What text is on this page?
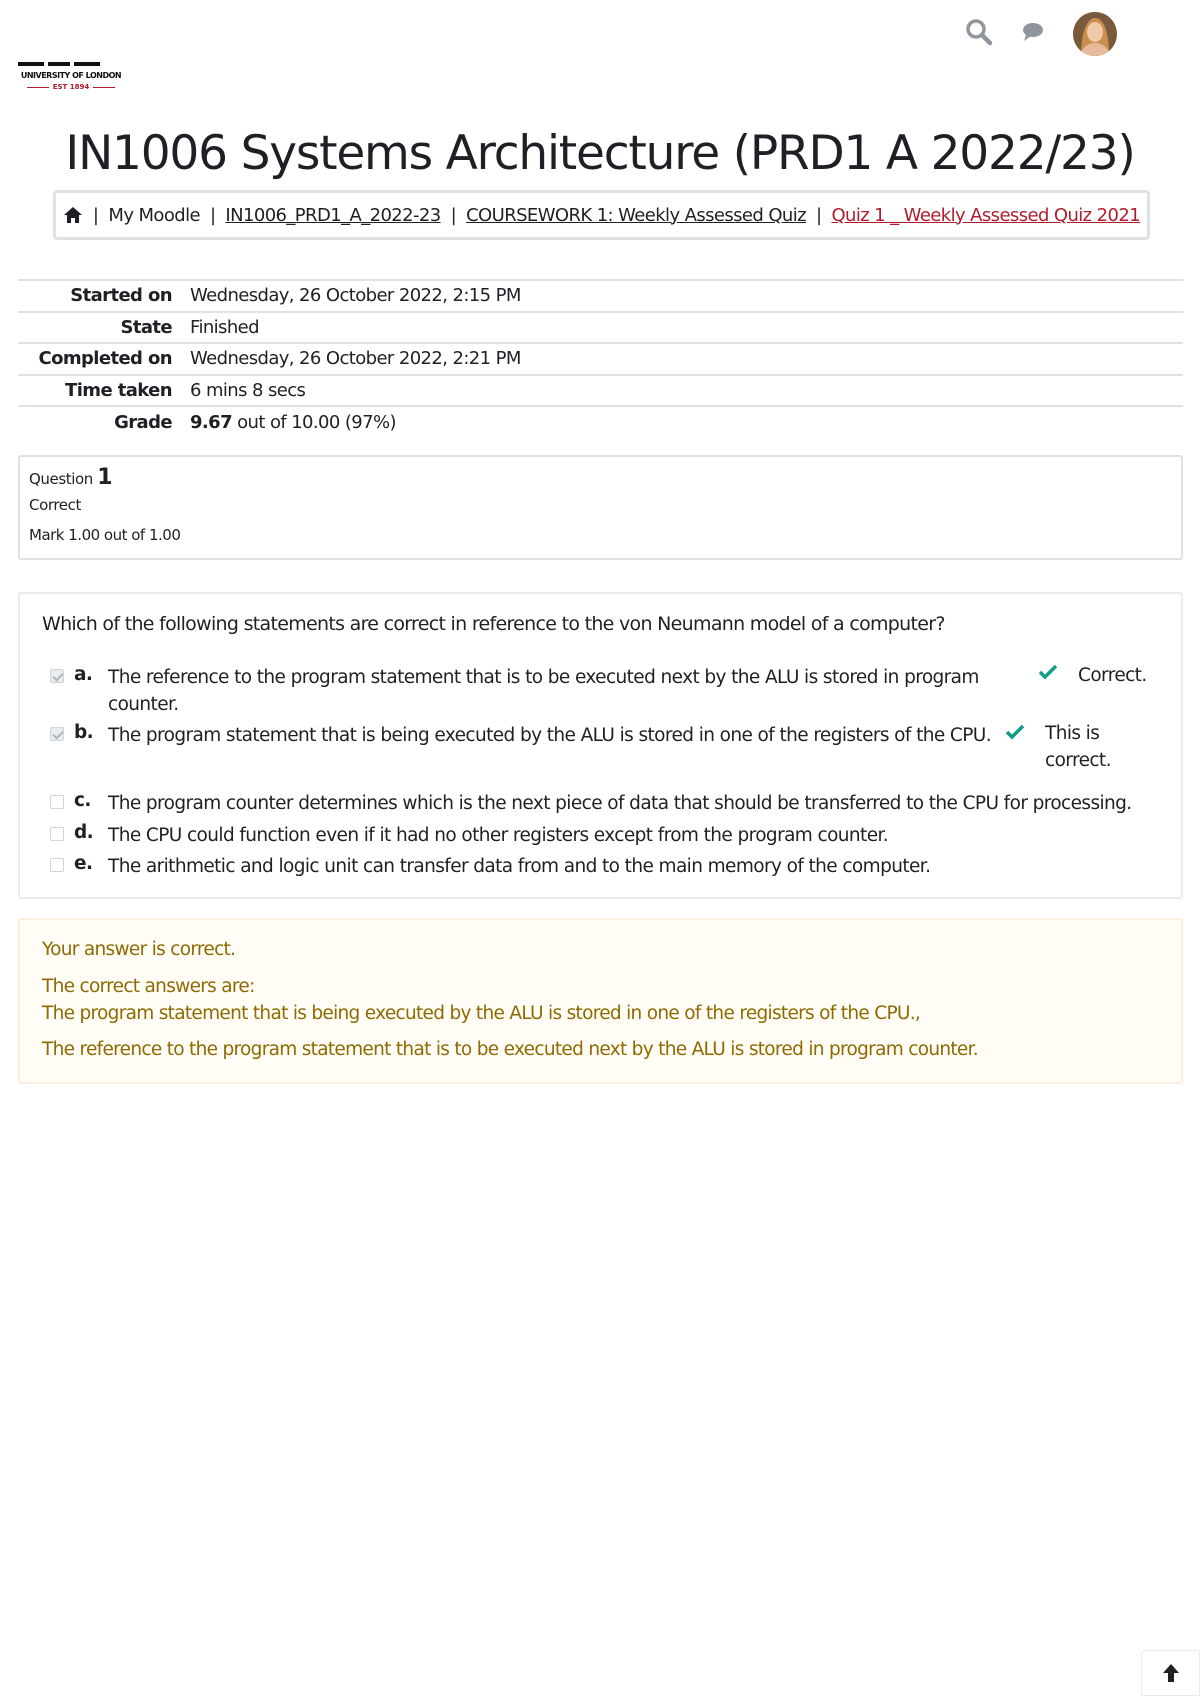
UNIVERSITY OF LONDON
EST 1894
IN1006 Systems Architecture (PRD1 A 2022/23)
| My Moodle | IN1006_PRD1_A_2022-23 | COURSEWORK 1: Weekly Assessed Quiz | Quiz 1 _ Weekly Assessed Quiz 2021
Started on	Wednesday, 26 October 2022, 2:15 PM
State	Finished
Completed on	Wednesday, 26 October 2022, 2:21 PM
Time taken	6 mins 8 secs
Grade	9.67 out of 10.00 (97%)
Question 1
Correct
Mark 1.00 out of 1.00
Which of the following statements are correct in reference to the von Neumann model of a computer?
a. The reference to the program statement that is to be executed next by the ALU is stored in program
counter.
Correct.
b. The program statement that is being executed by the ALU is stored in one of the registers of the CPU.	This is
correct.
c. The program counter determines which is the next piece of data that should be transferred to the CPU for processing.
d. The CPU could function even if it had no other registers except from the program counter.
e. The arithmetic and logic unit can transfer data from and to the main memory of the computer.
Your answer is correct.
The correct answers are:
The program statement that is being executed by the ALU is stored in one of the registers of the CPU.,
The reference to the program statement that is to be executed next by the ALU is stored in program counter.
